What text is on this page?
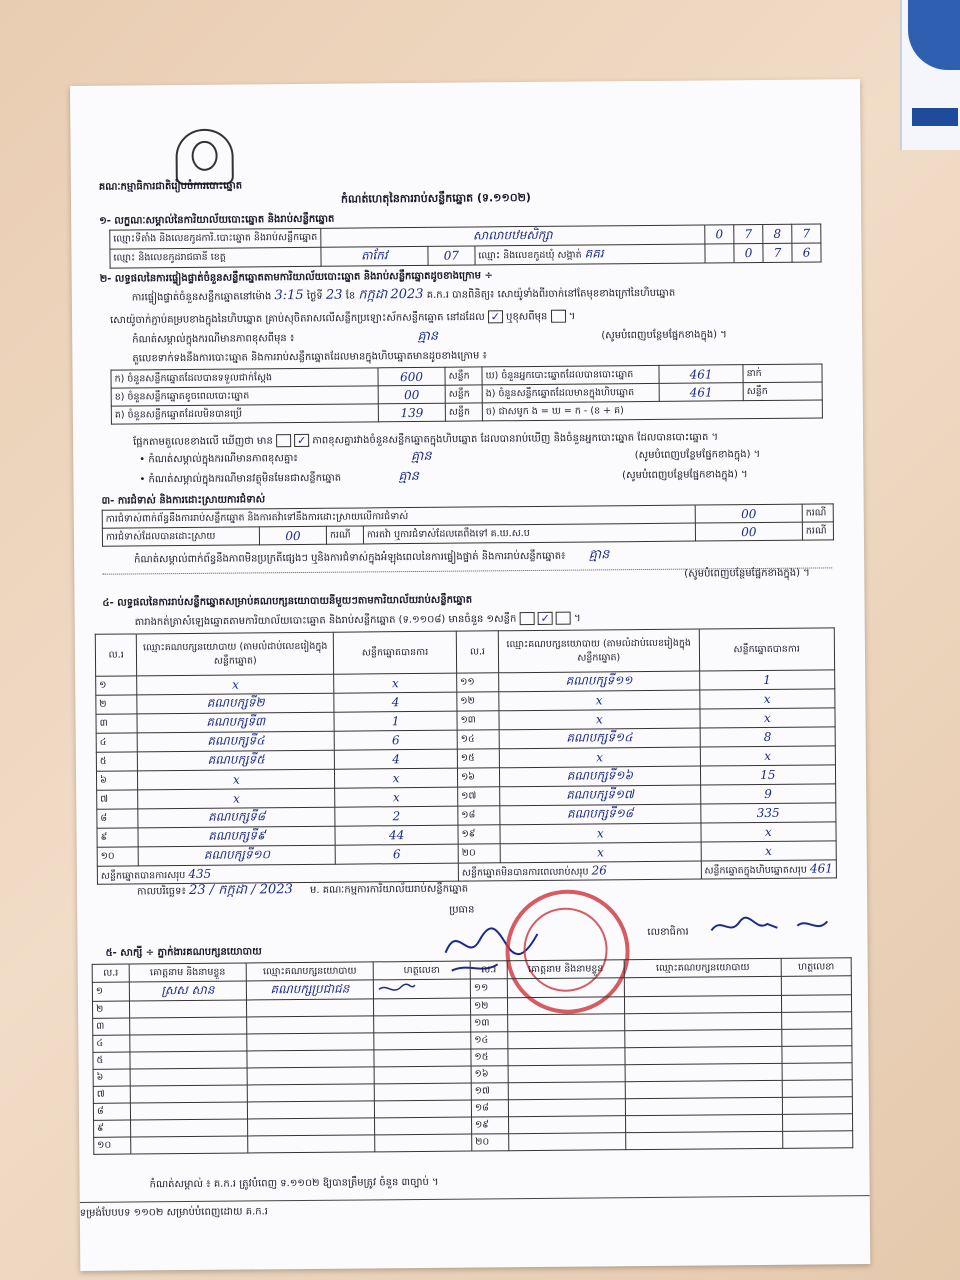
គណៈកម្មាធិការជាតិរៀបចំការបោះឆ្នោត
កំណត់ហេតុនៃការរាប់សន្លឹកឆ្នោត (ទ.១១០២)
១- លក្ខណៈសម្គាល់នៃការិយាល័យបោះឆ្នោត និងរាប់សន្លឹកឆ្នោត
ឈ្មោះទីតាំង និងលេខកូដការិ.បោះឆ្នោត និងរាប់សន្លឹកឆ្នោត	សាលាបឋមសិក្សា			0	7	8	7
ឈ្មោះ និងលេខកូដរាជធានី ខេត្ត	តាកែវ	07	ឈ្មោះ និងលេខកូដឃុំ សង្កាត់ គគរ		0	7	6
២- លទ្ធផលនៃការផ្ទៀងផ្ទាត់ចំនួនសន្លឹកឆ្នោតតាមការិយាល័យបោះឆ្នោត និងរាប់សន្លឹកឆ្នោតដូចខាងក្រោម ÷
ការផ្ទៀងផ្ទាត់ចំនួនសន្លឹកឆ្នោតនៅម៉ោង 3:15 ថ្ងៃទី 23 ខែ កក្កដា 2023 គ.ក.រ បានពិនិត្យ៖ សោយ៉ូទាំងពីរចាក់នៅតែមុខខាងក្រៅនៃហិបឆ្នោត
សោយ៉ូចាក់ភ្ជាប់គម្របខាងក្នុងនៃហិបឆ្នោត គ្រាប់សុចិតរាសលើសន្លឹកប្រឡោះស័កសន្លឹកឆ្នោត នៅដដែល ✓ ឬខុសពីមុន  ។
កំណត់សម្គាល់ក្នុងករណីមានភាពខុសពីមុន ៖	គ្មាន	(សូមបំពេញបន្ថែមផ្នែកខាងក្នុង) ។
តួលេខទាក់ទងនឹងការបោះឆ្នោត និងការរាប់សន្លឹកឆ្នោតដែលមានក្នុងហិបឆ្នោតមានដូចខាងក្រោម ៖
ក) ចំនួនសន្លឹកឆ្នោតដែលបានទទួលជាក់ស្តែង	600	សន្លឹក	ឃ) ចំនួនអ្នកបោះឆ្នោតដែលបានបោះឆ្នោត	461	នាក់
ខ) ចំនួនសន្លឹកឆ្នោតខូចពេលបោះឆ្នោត	00	សន្លឹក	ង) ចំនួនសន្លឹកឆ្នោតដែលមានក្នុងហិបឆ្នោត	461	សន្លឹក
គ) ចំនួនសន្លឹកឆ្នោតដែលមិនបានប្រើ	139	សន្លឹក	ច) ជាសមូក ង = ឃ = ក - (ខ + គ)		
ផ្អែកតាមតួលេខខាងលើ ឃើញថា មាន ✓ ភាពខុសគ្នារវាងចំនួនសន្លឹកឆ្នោតក្នុងហិបឆ្នោត ដែលបានរាប់ឃើញ និងចំនួនអ្នកបោះឆ្នោត ដែលបានបោះឆ្នោត ។
• កំណត់សម្គាល់ក្នុងករណីមានភាពខុសគ្នា៖	គ្មាន	(សូមបំពេញបន្ថែមផ្នែកខាងក្នុង) ។
• កំណត់សម្គាល់ក្នុងករណីមានវត្ថុមិនមែនជាសន្លឹកឆ្នោត	គ្មាន	(សូមបំពេញបន្ថែមផ្នែកខាងក្នុង) ។
៣- ការជំទាស់ និងការដោះស្រាយការជំទាស់
ការជំទាស់ពាក់ព័ន្ធនឹងការរាប់សន្លឹកឆ្នោត និងការតវ៉ាទៅនឹងការដោះស្រាយលើការជំទាស់				00	ករណី
ការជំទាស់ដែលបានដោះស្រាយ	00	ករណី	ការតវ៉ា ឬការជំទាស់ដែលគេពឹងទៅ គ.ឃ.ស.ប	00	ករណី
កំណត់សម្គាល់ពាក់ព័ន្ធនឹងភាពមិនប្រក្រតីផ្សេងៗ ឬនិងការជំទាស់ក្នុងអំឡុងពេលនៃការផ្ទៀងផ្ទាត់ និងការរាប់សន្លឹកឆ្នោត៖ គ្មាន
(សូមបំពេញបន្ថែមផ្នែកខាងក្នុង) ។
៤- លទ្ធផលនៃការរាប់សន្លឹកឆ្នោតសម្រាប់គណបក្សនយោបាយនីមួយៗតាមការិយាល័យរាប់សន្លឹកឆ្នោត
តារាងកត់ត្រាសំឡេងឆ្នោតតាមការិយាល័យបោះឆ្នោត និងរាប់សន្លឹកឆ្នោត (ទ.១១០៨) មានចំនួន ១សន្លឹក ✓  ។
ល.រ	ឈ្មោះគណបក្សនយោបាយ (តាមលំដាប់លេខរៀងក្នុងសន្លឹកឆ្នោត)	សន្លឹកឆ្នោតបានការ	ល.រ	ឈ្មោះគណបក្សនយោបាយ (តាមលំដាប់លេខរៀងក្នុងសន្លឹកឆ្នោត)	សន្លឹកឆ្នោតបានការ
១	x	x	១១	គណបក្សទី១១	1
២	គណបក្សទី២	4	១២	x	x
៣	គណបក្សទី៣	1	១៣	x	x
៤	គណបក្សទី៤	6	១៤	គណបក្សទី១៤	8
៥	គណបក្សទី៥	4	១៥	x	x
៦	x	x	១៦	គណបក្សទី១៦	15
៧	x	x	១៧	គណបក្សទី១៧	9
៨	គណបក្សទី៨	2	១៨	គណបក្សទី១៨	335
៩	គណបក្សទី៩	44	១៩	x	x
១០	គណបក្សទី១០	6	២០	x	x
សន្លឹកឆ្នោតបានការសរុប 435			សន្លឹកឆ្នោតមិនបានការពេលរាប់សរុប 26		សន្លឹកឆ្នោតក្នុងហិបឆ្នោតសរុប 461
កាលបរិច្ឆេទ៖ 23 / កក្កដា / 2023 ម. គណៈកម្មការការិយាល័យរាប់សន្លឹកឆ្នោត
ប្រធាន
លេខាធិការ
៥- សាក្សី ÷ ភ្នាក់ងារគណបក្សនយោបាយ
ល.រ	គោត្តនាម និងនាមខ្លួន	ឈ្មោះគណបក្សនយោបាយ	ហត្ថលេខា	ល.រ	គោត្តនាម និងនាមខ្លួន	ឈ្មោះគណបក្សនយោបាយ	ហត្ថលេខា
១	ស្រស សាន	គណបក្សប្រជាជន		១១			
២				១២			
៣				១៣			
៤				១៤			
៥				១៥			
៦				១៦			
៧				១៧			
៨				១៨			
៩				១៩			
១០				២០			
កំណត់សម្គាល់ ៖ គ.ក.រ ត្រូវបំពេញ ទ.១១០២ ឱ្យបានត្រឹមត្រូវ ចំនួន ៣ច្បាប់ ។
ទម្រង់បែបបទ ១១០២ សម្រាប់បំពេញដោយ គ.ក.រ
